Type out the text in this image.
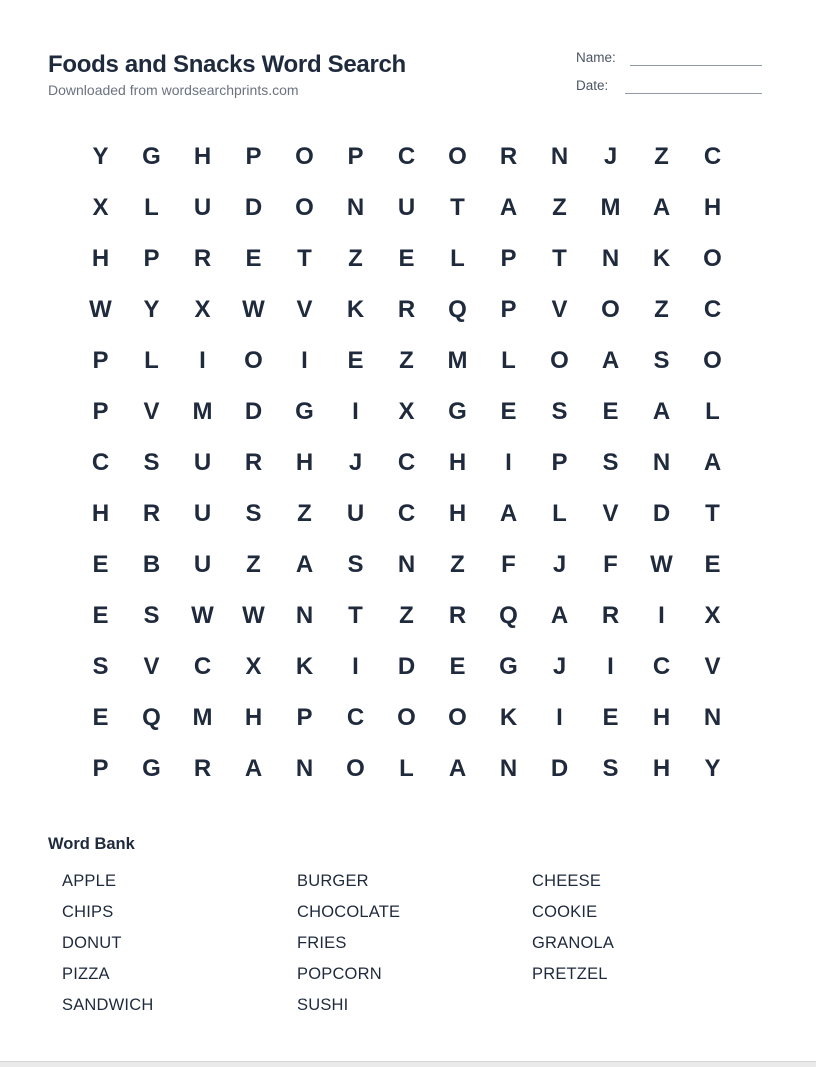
Foods and Snacks Word Search
Downloaded from wordsearchprints.com
Name:
Date:
Y	G	H	P	O	P	C	O	R	N	J	Z	C
X	L	U	D	O	N	U	T	A	Z	M	A	H
H	P	R	E	T	Z	E	L	P	T	N	K	O
W	Y	X	W	V	K	R	Q	P	V	O	Z	C
P	L	I	O	I	E	Z	M	L	O	A	S	O
P	V	M	D	G	I	X	G	E	S	E	A	L
C	S	U	R	H	J	C	H	I	P	S	N	A
H	R	U	S	Z	U	C	H	A	L	V	D	T
E	B	U	Z	A	S	N	Z	F	J	F	W	E
E	S	W	W	N	T	Z	R	Q	A	R	I	X
S	V	C	X	K	I	D	E	G	J	I	C	V
E	Q	M	H	P	C	O	O	K	I	E	H	N
P	G	R	A	N	O	L	A	N	D	S	H	Y
Word Bank
APPLE
CHIPS
DONUT
PIZZA
SANDWICH
BURGER
CHOCOLATE
FRIES
POPCORN
SUSHI
CHEESE
COOKIE
GRANOLA
PRETZEL
